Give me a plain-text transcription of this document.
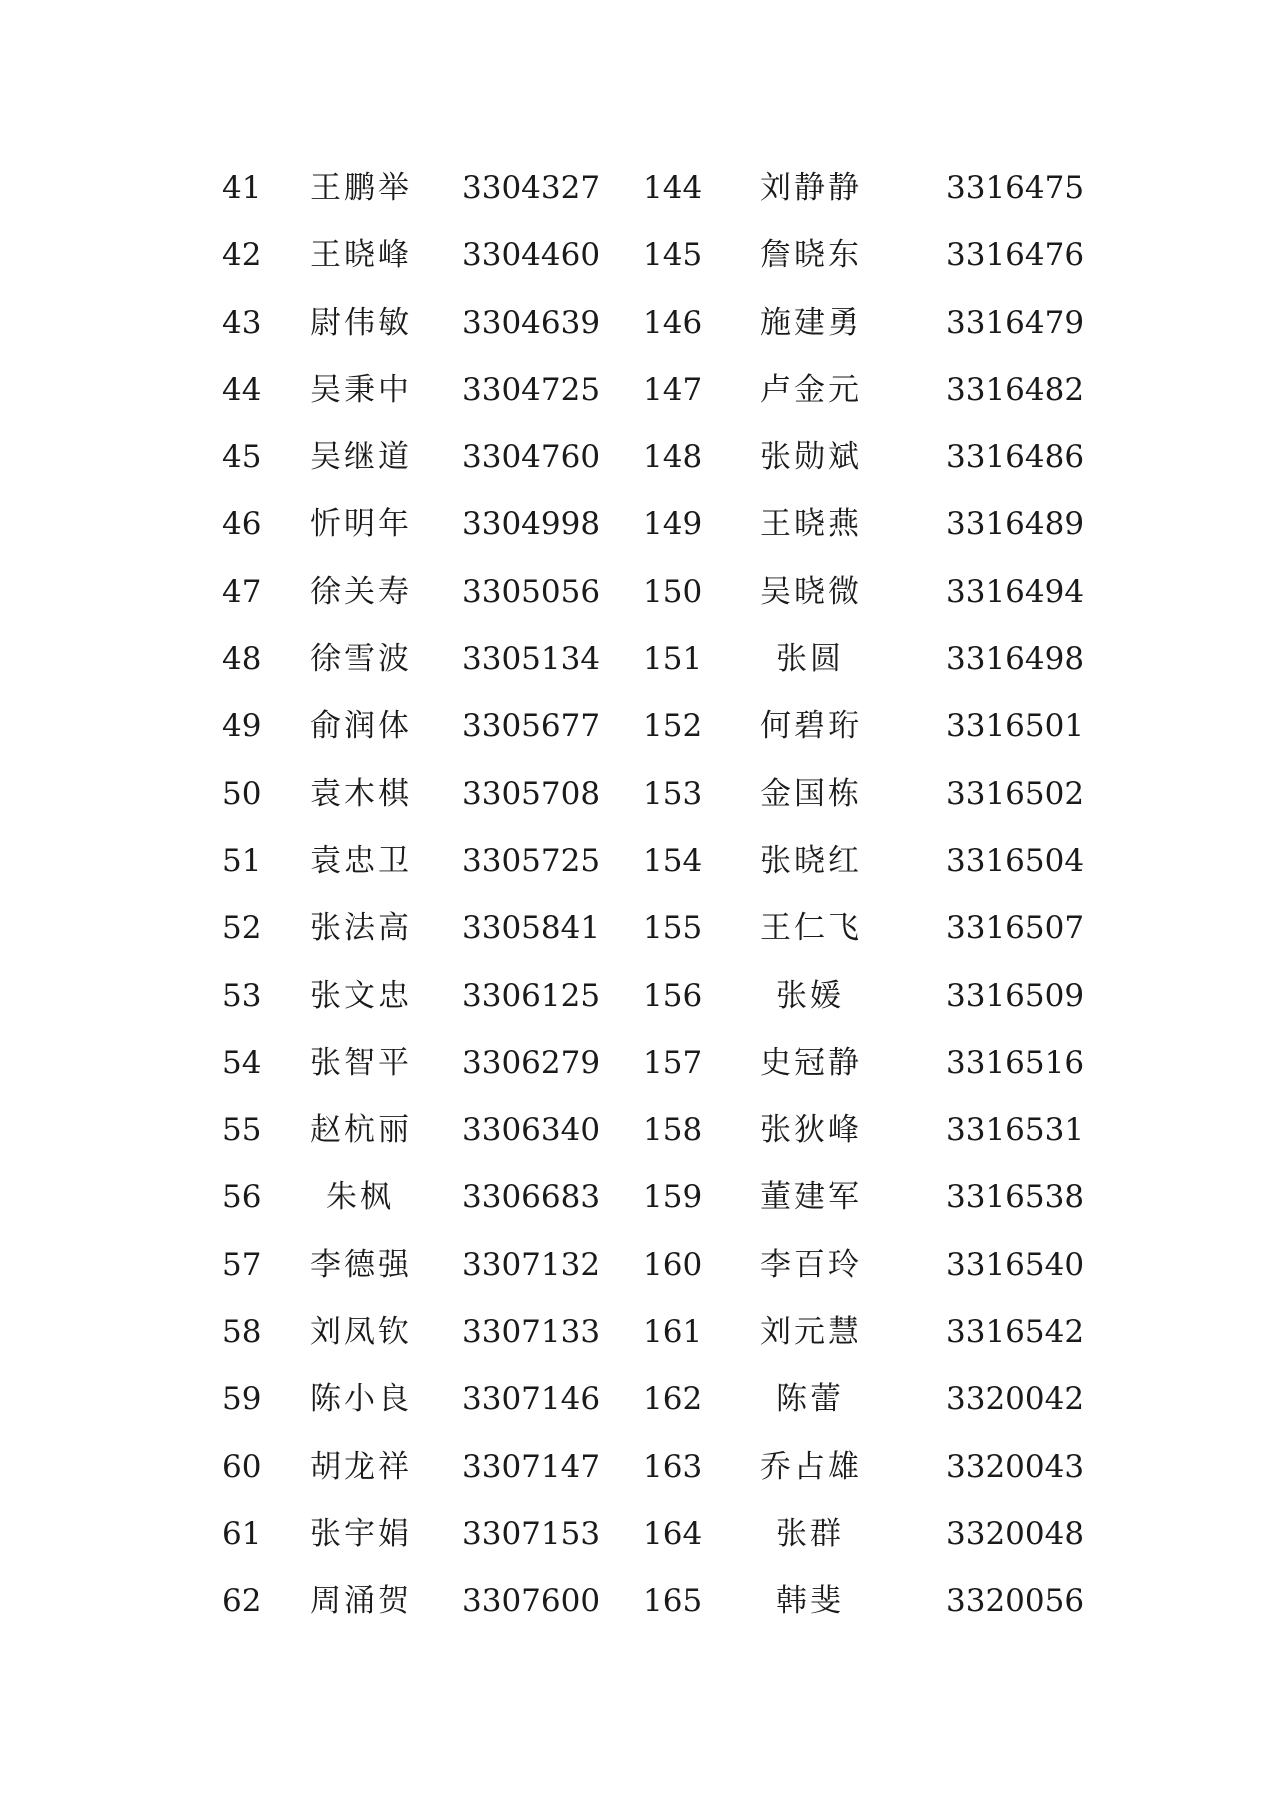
41 王鹏举 3304327 144 刘静静	3316475
42 王晓峰 3304460 145 詹晓东	3316476
43 尉伟敏 3304639 146 施建勇	3316479
44 吴秉中 3304725 147 卢金元	3316482
45 吴继道 3304760 148 张勋斌	3316486
46 忻明年 3304998 149 王晓燕	3316489
47 徐关寿 3305056 150 吴晓微	3316494
48 徐雪波 3305134 151	张圆	3316498
49 俞润体 3305677 152 何碧珩	3316501
50 袁木棋 3305708 153 金国栋	3316502
51 袁忠卫 3305725 154 张晓红	3316504
52 张法高 3305841 155 王仁飞	3316507
53 张文忠 3306125 156	张媛	3316509
54 张智平 3306279 157 史冠静	3316516
55 赵杭丽 3306340 158 张狄峰	3316531
56	朱枫	3306683 159 董建军	3316538
57 李德强 3307132 160 李百玲	3316540
58 刘凤钦 3307133 161 刘元慧	3316542
59 陈小良 3307146 162	陈蕾	3320042
60 胡龙祥 3307147 163 乔占雄	3320043
61 张宇娟 3307153 164	张群	3320048
62 周涌贺 3307600 165	韩斐	3320056
